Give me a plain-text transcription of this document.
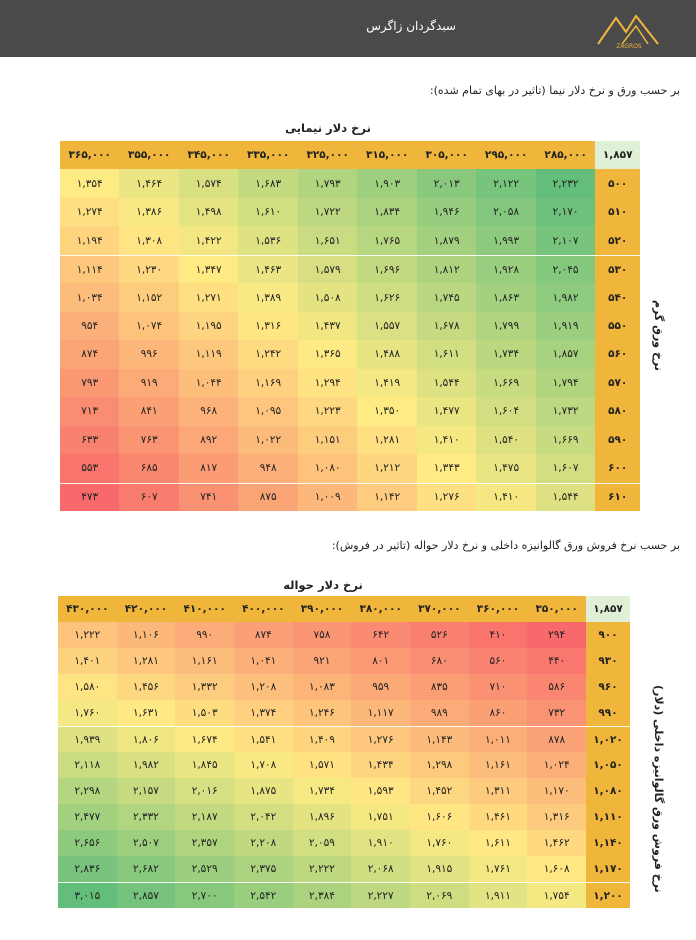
ZAGROS
سبدگردان زاگرس
بر حسب ورق و نرخ دلار نیما (تاثیر در بهای تمام شده):
نرخ دلار نیمایی
نرخ ورق گرم
۳۶۵,۰۰۰	۳۵۵,۰۰۰	۳۴۵,۰۰۰	۳۳۵,۰۰۰	۳۲۵,۰۰۰	۳۱۵,۰۰۰	۳۰۵,۰۰۰	۲۹۵,۰۰۰	۲۸۵,۰۰۰	۱,۸۵۷
۱,۳۵۴	۱,۴۶۴	۱,۵۷۴	۱,۶۸۳	۱,۷۹۳	۱,۹۰۳	۲,۰۱۳	۲,۱۲۲	۲,۲۳۲	۵۰۰
۱,۲۷۴	۱,۳۸۶	۱,۴۹۸	۱,۶۱۰	۱,۷۲۲	۱,۸۳۴	۱,۹۴۶	۲,۰۵۸	۲,۱۷۰	۵۱۰
۱,۱۹۴	۱,۳۰۸	۱,۴۲۲	۱,۵۳۶	۱,۶۵۱	۱,۷۶۵	۱,۸۷۹	۱,۹۹۳	۲,۱۰۷	۵۲۰
۱,۱۱۴	۱,۲۳۰	۱,۳۴۷	۱,۴۶۳	۱,۵۷۹	۱,۶۹۶	۱,۸۱۲	۱,۹۲۸	۲,۰۴۵	۵۳۰
۱,۰۳۴	۱,۱۵۲	۱,۲۷۱	۱,۳۸۹	۱,۵۰۸	۱,۶۲۶	۱,۷۴۵	۱,۸۶۳	۱,۹۸۲	۵۴۰
۹۵۴	۱,۰۷۴	۱,۱۹۵	۱,۳۱۶	۱,۴۳۷	۱,۵۵۷	۱,۶۷۸	۱,۷۹۹	۱,۹۱۹	۵۵۰
۸۷۴	۹۹۶	۱,۱۱۹	۱,۲۴۲	۱,۳۶۵	۱,۴۸۸	۱,۶۱۱	۱,۷۳۴	۱,۸۵۷	۵۶۰
۷۹۳	۹۱۹	۱,۰۴۴	۱,۱۶۹	۱,۲۹۴	۱,۴۱۹	۱,۵۴۴	۱,۶۶۹	۱,۷۹۴	۵۷۰
۷۱۳	۸۴۱	۹۶۸	۱,۰۹۵	۱,۲۲۳	۱,۳۵۰	۱,۴۷۷	۱,۶۰۴	۱,۷۳۲	۵۸۰
۶۳۳	۷۶۳	۸۹۲	۱,۰۲۲	۱,۱۵۱	۱,۲۸۱	۱,۴۱۰	۱,۵۴۰	۱,۶۶۹	۵۹۰
۵۵۳	۶۸۵	۸۱۷	۹۴۸	۱,۰۸۰	۱,۲۱۲	۱,۳۴۳	۱,۴۷۵	۱,۶۰۷	۶۰۰
۴۷۳	۶۰۷	۷۴۱	۸۷۵	۱,۰۰۹	۱,۱۴۲	۱,۲۷۶	۱,۴۱۰	۱,۵۴۴	۶۱۰
بر حسب نرخ فروش ورق گالوانیزه داخلی و نرخ دلار حواله (تاثیر در فروش):
نرخ دلار حواله
نرخ فروش ورق گالوانیزه داخلی (دلار)
۴۳۰,۰۰۰	۴۲۰,۰۰۰	۴۱۰,۰۰۰	۴۰۰,۰۰۰	۳۹۰,۰۰۰	۳۸۰,۰۰۰	۳۷۰,۰۰۰	۳۶۰,۰۰۰	۳۵۰,۰۰۰	۱,۸۵۷
۱,۲۲۲	۱,۱۰۶	۹۹۰	۸۷۴	۷۵۸	۶۴۲	۵۲۶	۴۱۰	۲۹۴	۹۰۰
۱,۴۰۱	۱,۲۸۱	۱,۱۶۱	۱,۰۴۱	۹۲۱	۸۰۱	۶۸۰	۵۶۰	۴۴۰	۹۳۰
۱,۵۸۰	۱,۴۵۶	۱,۳۳۲	۱,۲۰۸	۱,۰۸۳	۹۵۹	۸۳۵	۷۱۰	۵۸۶	۹۶۰
۱,۷۶۰	۱,۶۳۱	۱,۵۰۳	۱,۳۷۴	۱,۲۴۶	۱,۱۱۷	۹۸۹	۸۶۰	۷۳۲	۹۹۰
۱,۹۳۹	۱,۸۰۶	۱,۶۷۴	۱,۵۴۱	۱,۴۰۹	۱,۲۷۶	۱,۱۴۳	۱,۰۱۱	۸۷۸	۱,۰۲۰
۲,۱۱۸	۱,۹۸۲	۱,۸۴۵	۱,۷۰۸	۱,۵۷۱	۱,۴۳۴	۱,۲۹۸	۱,۱۶۱	۱,۰۲۴	۱,۰۵۰
۲,۲۹۸	۲,۱۵۷	۲,۰۱۶	۱,۸۷۵	۱,۷۳۴	۱,۵۹۳	۱,۴۵۲	۱,۳۱۱	۱,۱۷۰	۱,۰۸۰
۲,۴۷۷	۲,۳۳۲	۲,۱۸۷	۲,۰۴۲	۱,۸۹۶	۱,۷۵۱	۱,۶۰۶	۱,۴۶۱	۱,۳۱۶	۱,۱۱۰
۲,۶۵۶	۲,۵۰۷	۲,۳۵۷	۲,۲۰۸	۲,۰۵۹	۱,۹۱۰	۱,۷۶۰	۱,۶۱۱	۱,۴۶۲	۱,۱۴۰
۲,۸۳۶	۲,۶۸۲	۲,۵۲۹	۲,۳۷۵	۲,۲۲۲	۲,۰۶۸	۱,۹۱۵	۱,۷۶۱	۱,۶۰۸	۱,۱۷۰
۳,۰۱۵	۲,۸۵۷	۲,۷۰۰	۲,۵۴۲	۲,۳۸۴	۲,۲۲۷	۲,۰۶۹	۱,۹۱۱	۱,۷۵۴	۱,۲۰۰
